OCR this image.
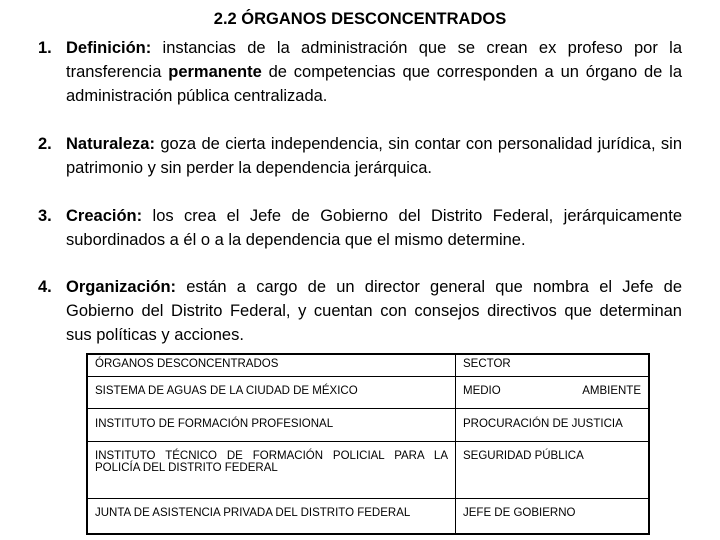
2.2 ÓRGANOS DESCONCENTRADOS
1. Definición: instancias de la administración que se crean ex profeso por la transferencia permanente de competencias que corresponden a un órgano de la administración pública centralizada.
2. Naturaleza: goza de cierta independencia, sin contar con personalidad jurídica, sin patrimonio y sin perder la dependencia jerárquica.
3. Creación: los crea el Jefe de Gobierno del Distrito Federal, jerárquicamente subordinados a él o a la dependencia que el mismo determine.
4. Organización: están a cargo de un director general que nombra el Jefe de Gobierno del Distrito Federal, y cuentan con consejos directivos que determinan sus políticas y acciones.
ÓRGANOS DESCONCENTRADOS	SECTOR
SISTEMA DE AGUAS DE LA CIUDAD DE MÉXICO	MEDIO AMBIENTE

INSTITUTO DE FORMACIÓN PROFESIONAL	PROCURACIÓN DE JUSTICIA
INSTITUTO TÉCNICO DE FORMACIÓN POLICIAL PARA LA POLICÍA DEL DISTRITO FEDERAL	SEGURIDAD PÚBLICA
JUNTA DE ASISTENCIA PRIVADA DEL DISTRITO FEDERAL	JEFE DE GOBIERNO
